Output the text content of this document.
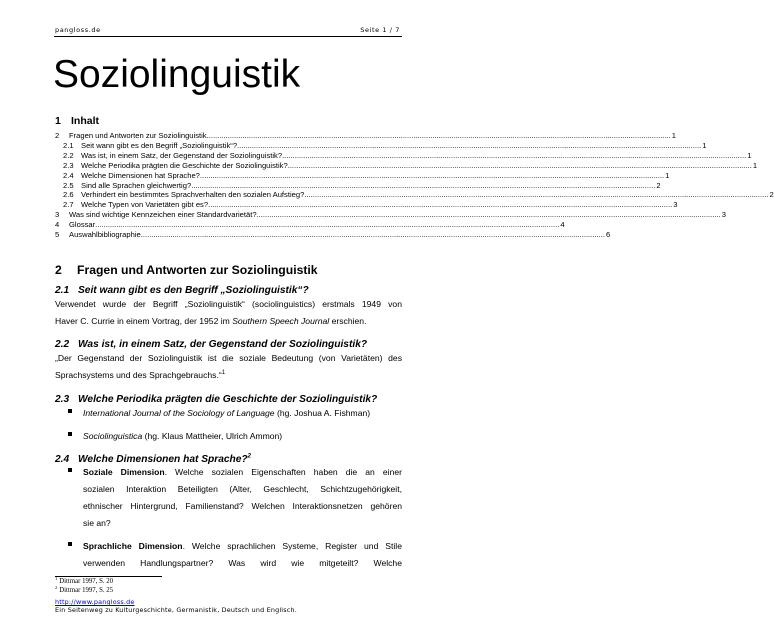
pangloss.de	Seite 1 / 7
Soziolinguistik
1 Inhalt
2	Fragen und Antworten zur Soziolinguistik ............................................................................................................................................................................................................................ 1
2.1 Seit wann gibt es den Begriff „Soziolinguistik“? ............................................................................................................................................................................................................................ 1
2.2 Was ist, in einem Satz, der Gegenstand der Soziolinguistik? ............................................................................................................................................................................................................................ 1
2.3 Welche Periodika prägten die Geschichte der Soziolinguistik? ............................................................................................................................................................................................................................ 1
2.4 Welche Dimensionen hat Sprache? ............................................................................................................................................................................................................................ 1
2.5 Sind alle Sprachen gleichwertig? ............................................................................................................................................................................................................................ 2
2.6 Verhindert ein bestimmtes Sprachverhalten den sozialen Aufstieg? ............................................................................................................................................................................................................................ 2
2.7 Welche Typen von Varietäten gibt es? ............................................................................................................................................................................................................................ 3
3	Was sind wichtige Kennzeichen einer Standardvarietät? ............................................................................................................................................................................................................................ 3
4	Glossar ............................................................................................................................................................................................................................ 4
5	Auswahlbibliographie ............................................................................................................................................................................................................................ 6
2 Fragen und Antworten zur Soziolinguistik
2.1 Seit wann gibt es den Begriff „Soziolinguistik“?
Verwendet wurde der Begriff „Soziolinguistik“ (sociolinguistics) erstmals 1949 von
Haver C. Currie in einem Vortrag, der 1952 im Southern Speech Journal erschien.
2.2 Was ist, in einem Satz, der Gegenstand der Soziolinguistik?
„Der Gegenstand der Soziolinguistik ist die soziale Bedeutung (von Varietäten) des
Sprachsystems und des Sprachgebrauchs.“$^1$
2.3 Welche Periodika prägten die Geschichte der Soziolinguistik?
International Journal of the Sociology of Language (hg. Joshua A. Fishman)
Sociolinguistica (hg. Klaus Mattheier, Ulrich Ammon)
2.4 Welche Dimensionen hat Sprache?$^2$
Soziale Dimension. Welche sozialen Eigenschaften haben die an einer
sozialen Interaktion Beteiligten (Alter, Geschlecht, Schichtzugehörigkeit,
ethnischer Hintergrund, Familienstand? Welchen Interaktionsnetzen gehören
sie an?
Sprachliche Dimension. Welche sprachlichen Systeme, Register und Stile
verwenden Handlungspartner? Was wird wie mitgeteilt? Welche
$^1$ Dittmar 1997, S. 20
$^2$ Dittmar 1997, S. 25
http://www.pangloss.de
Ein Seitenweg zu Kulturgeschichte, Germanistik, Deutsch und Englisch.
